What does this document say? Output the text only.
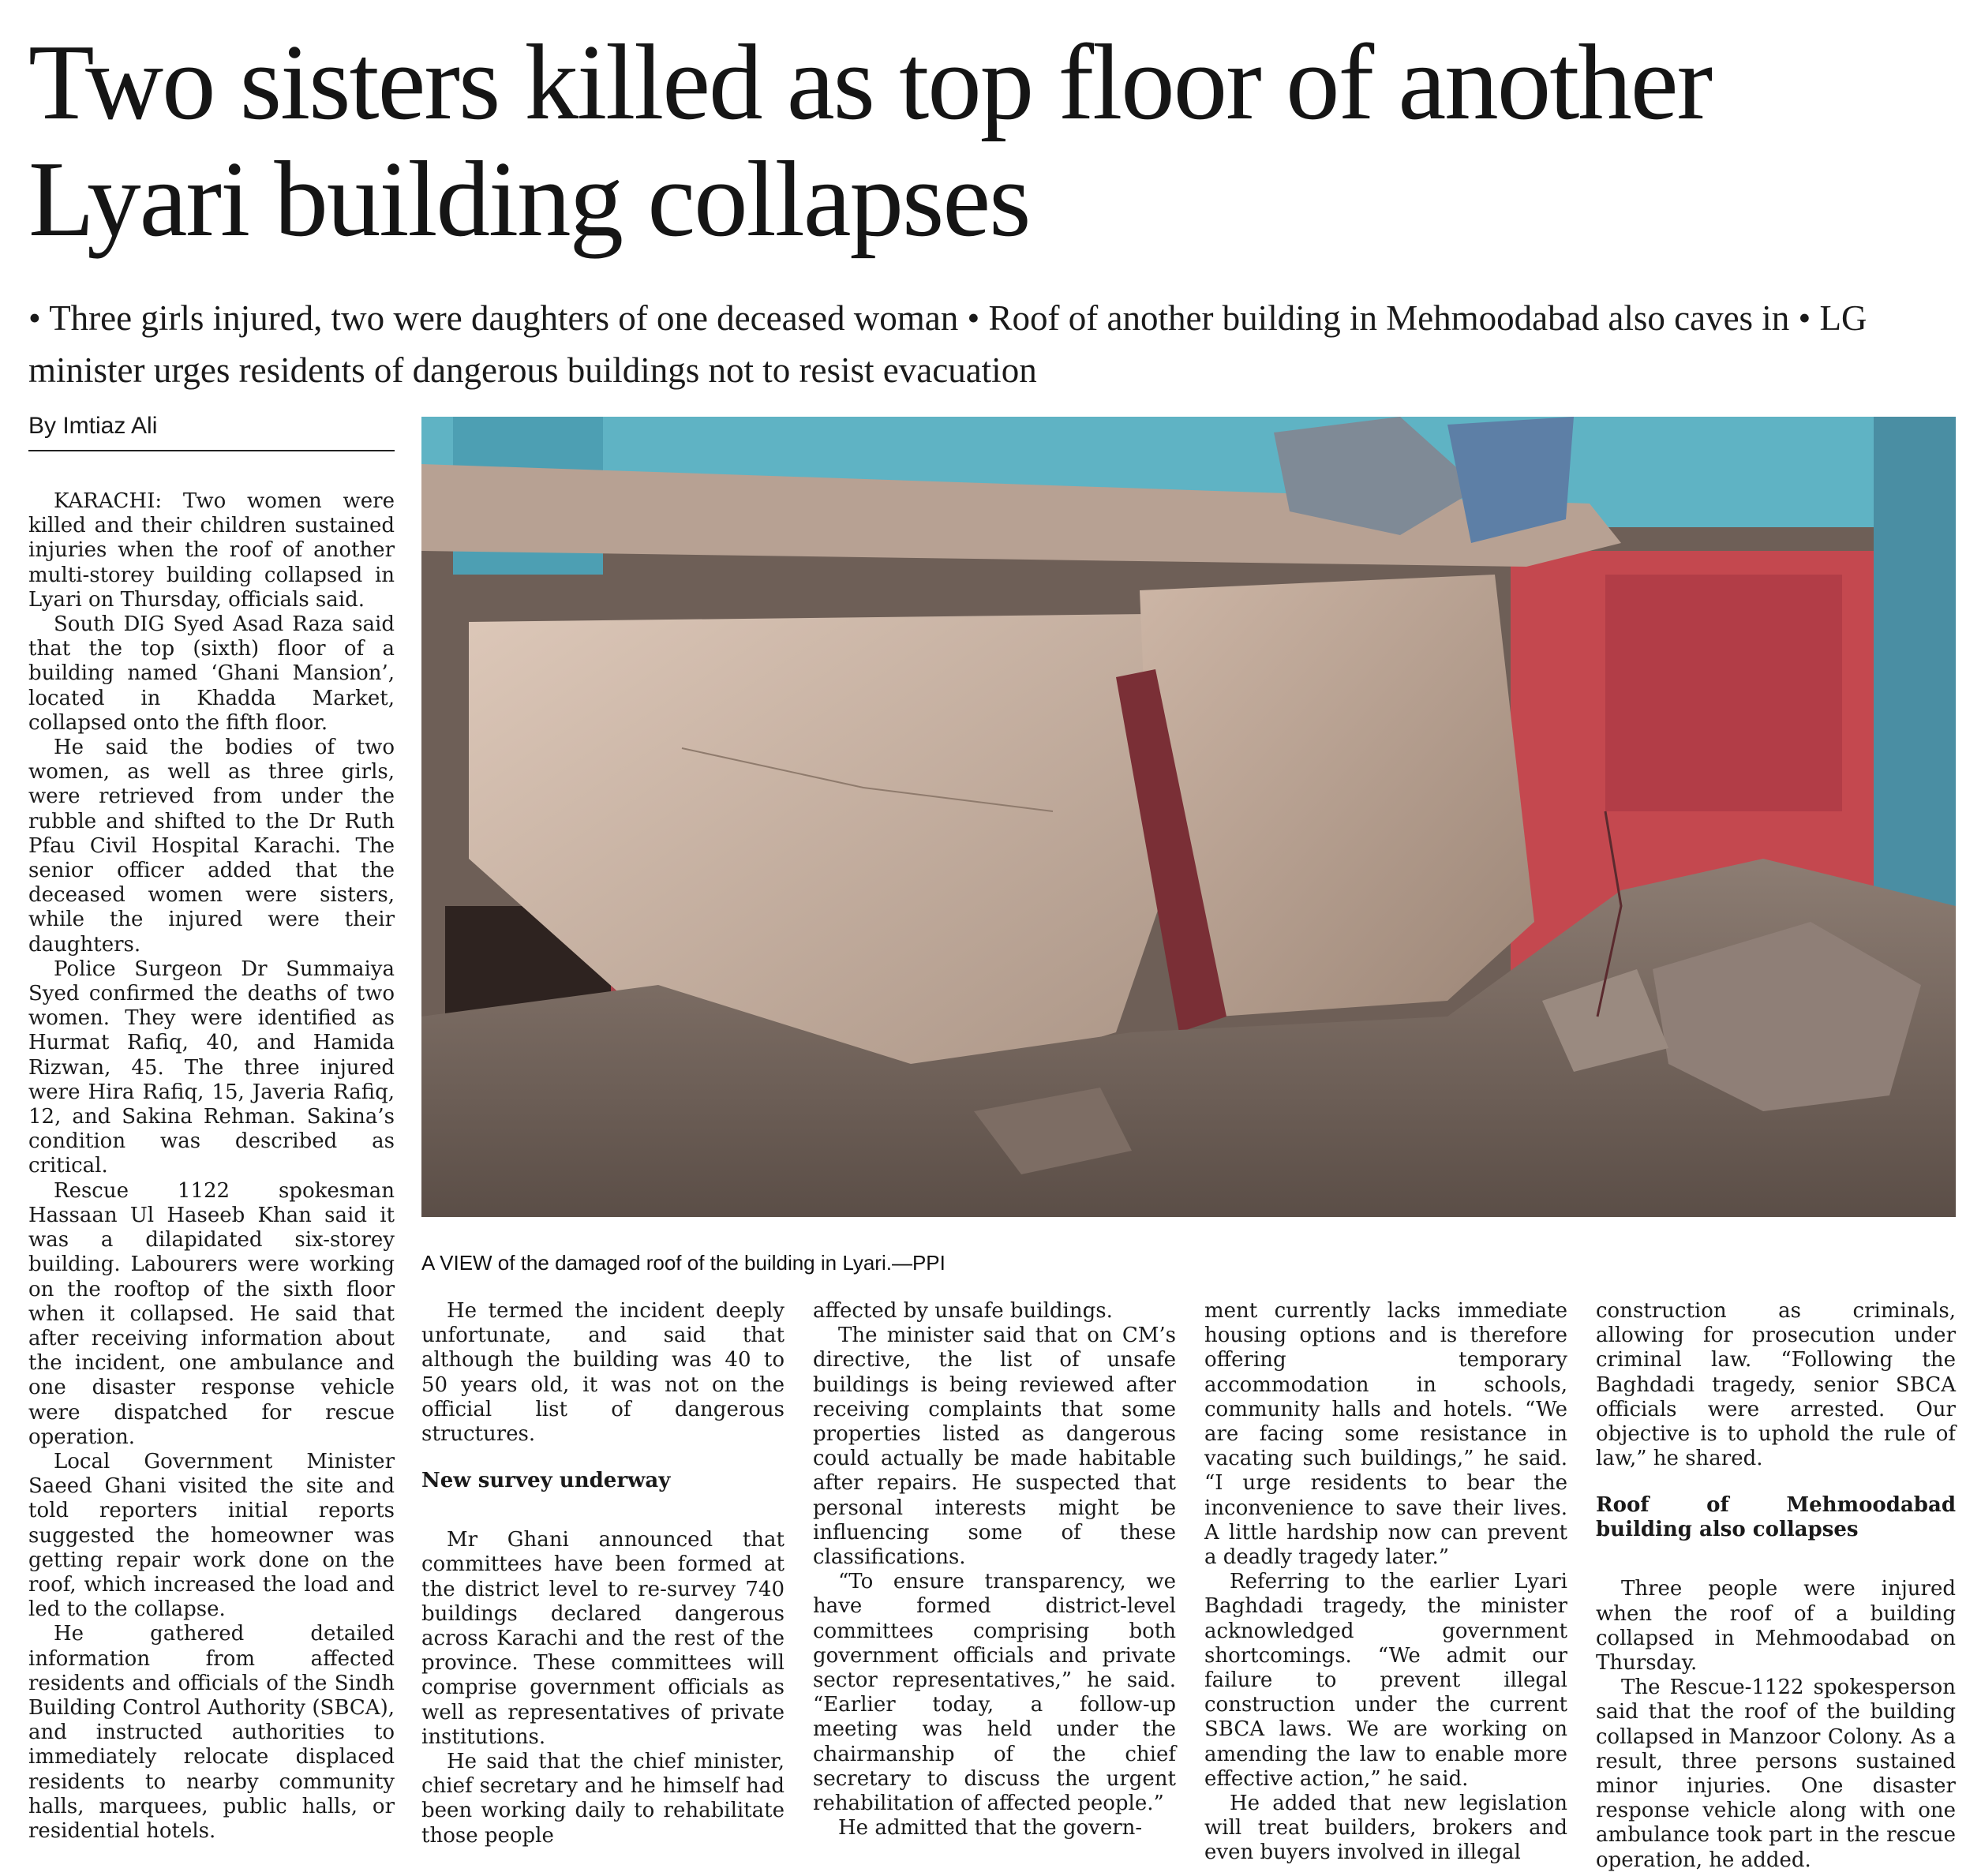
Two sisters killed as top floor of another Lyari building collapses
• Three girls injured, two were daughters of one deceased woman • Roof of another building in Mehmoodabad also caves in • LG minister urges residents of dangerous buildings not to resist evacuation
By Imtiaz Ali
A VIEW of the damaged roof of the building in Lyari.—PPI

KARACHI: Two women were killed and their children sustained injuries when the roof of another multi-storey building collapsed in Lyari on Thursday, officials said.

South DIG Syed Asad Raza said that the top (sixth) floor of a building named ‘Ghani Mansion’, located in Khadda Market, collapsed onto the fifth floor.

He said the bodies of two women, as well as three girls, were retrieved from under the rubble and shifted to the Dr Ruth Pfau Civil Hospital Karachi. The senior officer added that the deceased women were sisters, while the injured were their daughters.

Police Surgeon Dr Summaiya Syed confirmed the deaths of two women. They were identified as Hurmat Rafiq, 40, and Hamida Rizwan, 45. The three injured were Hira Rafiq, 15, Javeria Rafiq, 12, and Sakina Rehman. Sakina’s condition was described as critical.

Rescue 1122 spokesman Hassaan Ul Haseeb Khan said it was a dilapidated six-storey building. Labourers were working on the rooftop of the sixth floor when it collapsed. He said that after receiving information about the incident, one ambulance and one disaster response vehicle were dispatched for rescue operation.

Local Government Minister Saeed Ghani visited the site and told reporters initial reports suggested the homeowner was getting repair work done on the roof, which increased the load and led to the collapse.

He gathered detailed information from affected residents and officials of the Sindh Building Control Authority (SBCA), and instructed authorities to immediately relocate displaced residents to nearby community halls, marquees, public halls, or residential hotels.

He termed the incident deeply unfortunate, and said that although the building was 40 to 50 years old, it was not on the official list of dangerous structures.

New survey underway

Mr Ghani announced that committees have been formed at the district level to re-survey 740 buildings declared dangerous across Karachi and the rest of the province. These committees will comprise government officials as well as representatives of private institutions.

He said that the chief minister, chief secretary and he himself had been working daily to rehabilitate those people

affected by unsafe buildings.

The minister said that on CM’s directive, the list of unsafe buildings is being reviewed after receiving complaints that some properties listed as dangerous could actually be made habitable after repairs. He suspected that personal interests might be influencing some of these classifications.

“To ensure transparency, we have formed district-level committees comprising both government officials and private sector representatives,” he said. “Earlier today, a follow-up meeting was held under the chairmanship of the chief secretary to discuss the urgent rehabilitation of affected people.”

He admitted that the govern-

ment currently lacks immediate housing options and is therefore offering temporary accommodation in schools, community halls and hotels. “We are facing some resistance in vacating such buildings,” he said. “I urge residents to bear the inconvenience to save their lives. A little hardship now can prevent a deadly tragedy later.”

Referring to the earlier Lyari Baghdadi tragedy, the minister acknowledged government shortcomings. “We admit our failure to prevent illegal construction under the current SBCA laws. We are working on amending the law to enable more effective action,” he said.

He added that new legislation will treat builders, brokers and even buyers involved in illegal

construction as criminals, allowing for prosecution under criminal law. “Following the Baghdadi tragedy, senior SBCA officials were arrested. Our objective is to uphold the rule of law,” he shared.

Roof of Mehmoodabad building also collapses

Three people were injured when the roof of a building collapsed in Mehmoodabad on Thursday.

The Rescue-1122 spokesperson said that the roof of the building collapsed in Manzoor Colony. As a result, three persons sustained minor injuries. One disaster response vehicle along with one ambulance took part in the rescue operation, he added.
